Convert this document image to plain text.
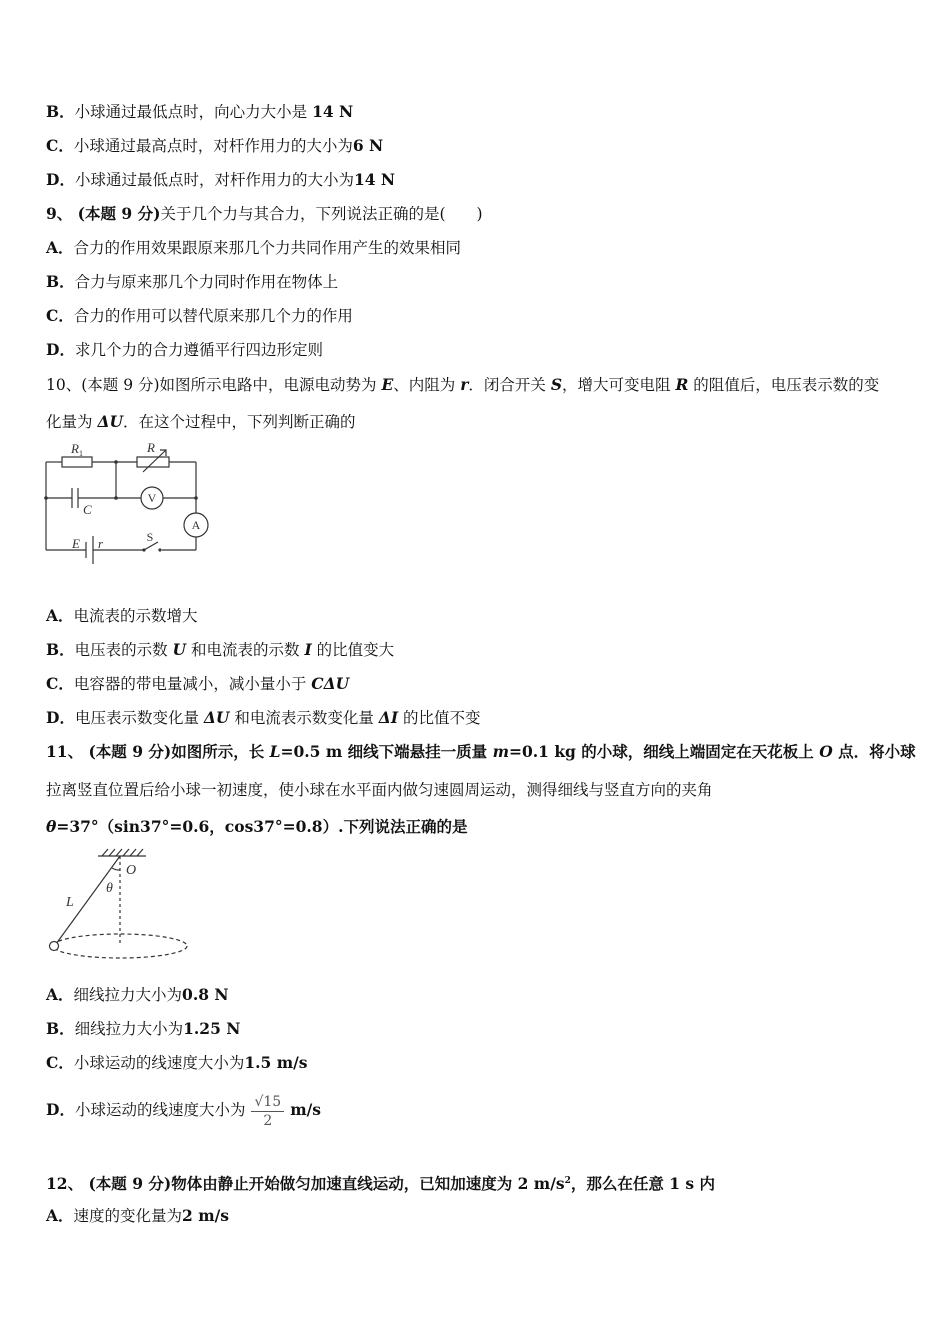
B．小球通过最低点时，向心力大小是 14 N
C．小球通过最高点时，对杆作用力的大小为6 N
D．小球通过最低点时，对杆作用力的大小为14 N
9、 (本题 9 分)关于几个力与其合力，下列说法正确的是(　　)
A．合力的作用效果跟原来那几个力共同作用产生的效果相同
B．合力与原来那几个力同时作用在物体上
C．合力的作用可以替代原来那几个力的作用
D．求几个力的合力遵循平行四边形定则
10、(本题 9 分)如图所示电路中，电源电动势为 E、内阻为 r．闭合开关 S，增大可变电阻 R 的阻值后，电压表示数的变
化量为 ΔU．在这个过程中，下列判断正确的
$R_1$	R
C
E r
V
A
S
A．电流表的示数增大
B．电压表的示数 U 和电流表的示数 I 的比值变大
C．电容器的带电量减小，减小量小于 CΔU
D．电压表示数变化量 ΔU 和电流表示数变化量 ΔI 的比值不变
11、 (本题 9 分)如图所示，长 L=0.5 m 细线下端悬挂一质量 m=0.1 kg 的小球，细线上端固定在天花板上 O 点．将小球
拉离竖直位置后给小球一初速度，使小球在水平面内做匀速圆周运动，测得细线与竖直方向的夹角
θ=37°（sin37°=0.6，cos37°=0.8）.下列说法正确的是
O
θ
L
A．细线拉力大小为0.8 N
B．细线拉力大小为1.25 N
C．小球运动的线速度大小为1.5 m/s
D．小球运动的线速度大小为 $\frac{√15}{2} m/s$
12、 (本题 9 分)物体由静止开始做匀加速直线运动，已知加速度为 2 $m/s^2$，那么在任意 1 s 内
A．速度的变化量为2 m/s
